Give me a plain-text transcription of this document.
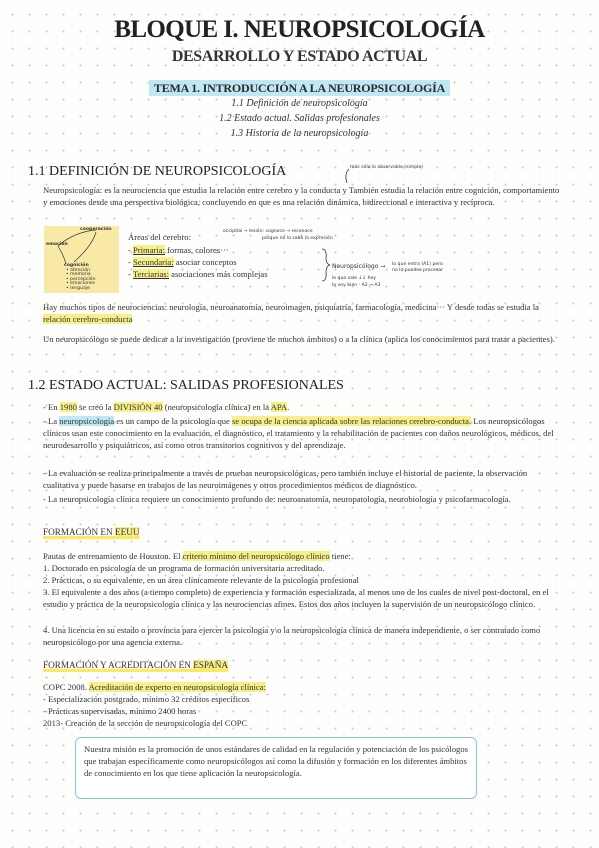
BLOQUE I. NEUROPSICOLOGÍA
DESARROLLO Y ESTADO ACTUAL
TEMA 1. INTRODUCCIÓN A LA NEUROPSICOLOGÍA
1.1 Definición de neuropsicología
1.2 Estado actual. Salidas profesionales
1.3 Historia de la neuropsicología
1.1 DEFINICIÓN DE NEUROPSICOLOGÍA	más sólo lo observable (simple)

Neuropsicología: es la neurociencia que estudia la relación entre cerebro y la conducta y También estudia la relación entre cognición, comportamiento y emociones desde una perspectiva biológica, concluyendo en que es una relación dinámica, bidireccional e interactiva y recíproca.

cooperación
emoción
cognición
• atención
• memoria
• percepción
• emociones
• lenguaje
Áreas del cerebro:
- Primaria: formas, colores···
- Secundaria: asociar conceptos
- Terciarias: asociaciones más complejas
occipital → lesión: cognoce → reconoce
porque no lo sabe la expresión
Neuropsicólogo → lo que entra (A1) pero no lo puedes procesar
lo que sale ↓↓ hoy
lo voy bien · A2 → A3

Hay muchos tipos de neurociencias: neurología, neuroanatomía, neuroimagen, psiquiatría, farmacología, medicina··· Y desde todas se estudia la relación cerebro-conducta

Un neuropsicólogo se puede dedicar a la investigación (proviene de muchos ámbitos) o a la clínica (aplica los conocimientos para tratar a pacientes).

1.2 ESTADO ACTUAL: SALIDAS PROFESIONALES

- En 1980 se creó la DIVISIÓN 40 (neuropsicología clínica) en la APA.

- La neuropsicología es un campo de la psicología que se ocupa de la ciencia aplicada sobre las relaciones cerebro-conducta. Los neuropsicólogos clínicos usan este conocimiento en la evaluación, el diagnóstico, el tratamiento y la rehabilitación de pacientes con daños neurológicos, médicos, del neurodesarrollo y psiquiátricos, así como otros transitorios cognitivos y del aprendizaje.

- La evaluación se realiza principalmente a través de pruebas neuropsicológicas, pero también incluye el historial de paciente, la observación cualitativa y puede basarse en trabajos de las neuroimágenes y otros procedimientos médicos de diagnóstico.

- La neuropsicología clínica requiere un conocimiento profundo de: neuroanatomía, neuropatología, neurobiología y psicofarmacología.

FORMACIÓN EN EEUU

Pautas de entrenamiento de Houston. El criterio mínimo del neuropsicólogo clínico tiene:

1. Doctorado en psicología de un programa de formación universitaria acreditado.

2. Prácticas, o su equivalente, en un área clínicamente relevante de la psicología profesional

3. El equivalente a dos años (a tiempo completo) de experiencia y formación especializada, al menos uno de los cuales de nivel post-doctoral, en el estudio y práctica de la neuropsicología clínica y las neurociencias afines. Estos dos años incluyen la supervisión de un neuropsicólogo clínico.

4. Una licencia en su estado o provincia para ejercer la psicología y\o la neuropsicología clínica de manera independiente, o ser contratado como neuropsicólogo por una agencia externa.

FORMACIÓN Y ACREDITACIÓN EN ESPAÑA

COPC 2008. Acreditación de experto en neuropsicología clínica:

- Especialización postgrado, mínimo 32 créditos específicos

- Prácticas supervisadas, mínimo 2400 horas

2013- Creación de la sección de neuropsicología del COPC

Nuestra misión es la promoción de unos estándares de calidad en la regulación y potenciación de los psicólogos que trabajan específicamente como neuropsicólogos así como la difusión y formación en los diferentes ámbitos de conocimiento en los que tiene aplicación la neuropsicología.
